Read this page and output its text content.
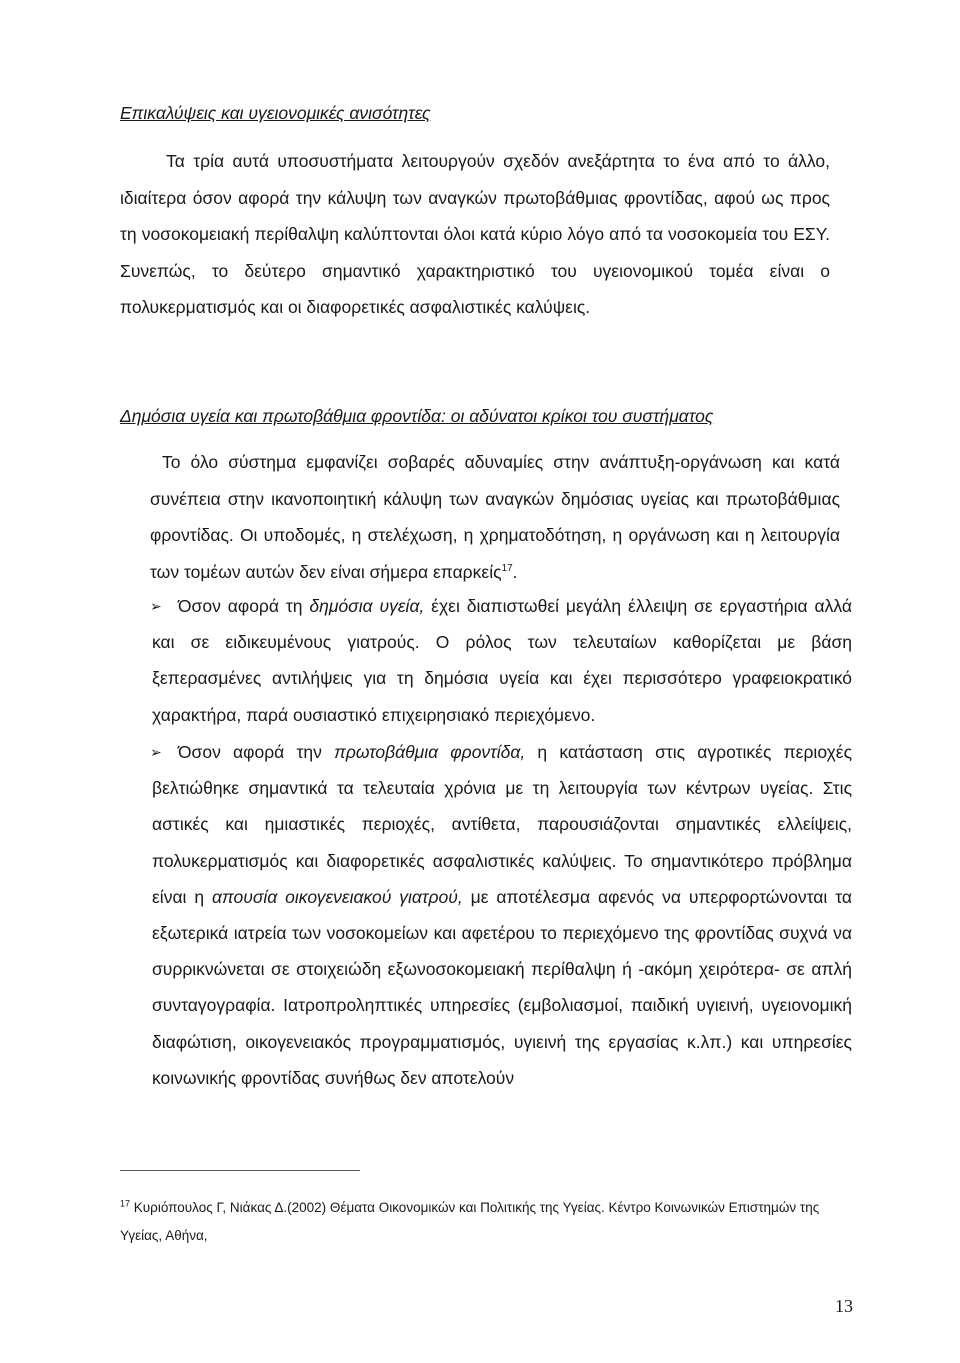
Επικαλύψεις και υγειονομικές ανισότητες

Τα τρία αυτά υποσυστήματα λειτουργούν σχεδόν ανεξάρτητα το ένα από το άλλο, ιδιαίτερα όσον αφορά την κάλυψη των αναγκών πρωτοβάθμιας φροντίδας, αφού ως προς τη νοσοκομειακή περίθαλψη καλύπτονται όλοι κατά κύριο λόγο από τα νοσοκομεία του ΕΣΥ. Συνεπώς, το δεύτερο σημαντικό χαρακτηριστικό του υγειονομικού τομέα είναι ο πολυκερματισμός και οι διαφορετικές ασφαλιστικές καλύψεις.

Δημόσια υγεία και πρωτοβάθμια φροντίδα: οι αδύνατοι κρίκοι του συστήματος

Το όλο σύστημα εμφανίζει σοβαρές αδυναμίες στην ανάπτυξη-οργάνωση και κατά συνέπεια στην ικανοποιητική κάλυψη των αναγκών δημόσιας υγείας και πρωτοβάθμιας φροντίδας. Οι υποδομές, η στελέχωση, η χρηματοδότηση, η οργάνωση και η λειτουργία των τομέων αυτών δεν είναι σήμερα επαρκείς$^{17}$.

➢ Όσον αφορά τη δημόσια υγεία, έχει διαπιστωθεί μεγάλη έλλειψη σε εργαστήρια αλλά και σε ειδικευμένους γιατρούς. Ο ρόλος των τελευταίων καθορίζεται με βάση ξεπερασμένες αντιλήψεις για τη δημόσια υγεία και έχει περισσότερο γραφειοκρατικό χαρακτήρα, παρά ουσιαστικό επιχειρησιακό περιεχόμενο.

➢ Όσον αφορά την πρωτοβάθμια φροντίδα, η κατάσταση στις αγροτικές περιοχές βελτιώθηκε σημαντικά τα τελευταία χρόνια με τη λειτουργία των κέντρων υγείας. Στις αστικές και ημιαστικές περιοχές, αντίθετα, παρουσιάζονται σημαντικές ελλείψεις, πολυκερματισμός και διαφορετικές ασφαλιστικές καλύψεις. Το σημαντικότερο πρόβλημα είναι η απουσία οικογενειακού γιατρού, με αποτέλεσμα αφενός να υπερφορτώνονται τα εξωτερικά ιατρεία των νοσοκομείων και αφετέρου το περιεχόμενο της φροντίδας συχνά να συρρικνώνεται σε στοιχειώδη εξωνοσοκομειακή περίθαλψη ή -ακόμη χειρότερα- σε απλή συνταγογραφία. Ιατροπροληπτικές υπηρεσίες (εμβολιασμοί, παιδική υγιεινή, υγειονομική διαφώτιση, οικογενειακός προγραμματισμός, υγιεινή της εργασίας κ.λπ.) και υπηρεσίες κοινωνικής φροντίδας συνήθως δεν αποτελούν

$^{17}$ Κυριόπουλος Γ, Νιάκας Δ.(2002) Θέματα Οικονομικών και Πολιτικής της Υγείας. Κέντρο Κοινωνικών Επιστημών της Υγείας, Αθήνα,

13
